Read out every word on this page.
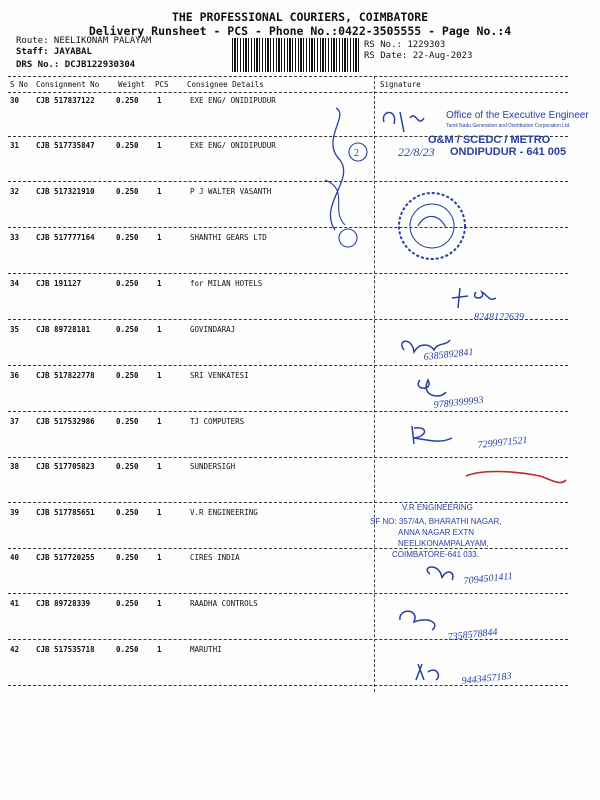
THE PROFESSIONAL COURIERS, COIMBATORE
Delivery Runsheet - PCS - Phone No.:0422-3505555 - Page No.:4
Route: NEELIKONAM PALAYAM
Staff: JAYABAL
DRS No.: DCJB122930304
RS No.: 1229303
RS Date: 22-Aug-2023
S No Consignment No	Weight PCS Consignee Details	Signature
30 CJB 517837122	0.250 1	EXE ENG/ ONIDIPUDUR
31 CJB 517735847	0.250 1	EXE ENG/ ONIDIPUDUR
32 CJB 517321910	0.250 1	P J WALTER VASANTH
33 CJB 517777164	0.250 1	SHANTHI GEARS LTD
34 CJB 191127	0.250 1	for MILAN HOTELS
35 CJB 89728181	0.250 1	GOVINDARAJ
36 CJB 517822778	0.250 1	SRI VENKATESI
37 CJB 517532986	0.250 1	TJ COMPUTERS
38 CJB 517705823	0.250 1	SUNDERSIGH
39 CJB 517785651	0.250 1	V.R ENGINEERING
40 CJB 517720255	0.250 1	CIRES INDIA
41 CJB 89728339	0.250 1	RAADHA CONTROLS
42 CJB 517535718	0.250 1	MARUTHI
2
Office of the Executive Engineer
Tamil Nadu Generation and Distribution Corporation Ltd.
O&M / SCEDC / METRO
ONDIPUDUR - 641 005
22/8/23
8248122639
6385892841
9789399993
7299971521
V.R ENGINEERING
SF NO: 357/4A, BHARATHI NAGAR,
ANNA NAGAR EXTN
NEELIKONAMPALAYAM,
COIMBATORE-641 033.
7094501411
7358578844
9443457183
